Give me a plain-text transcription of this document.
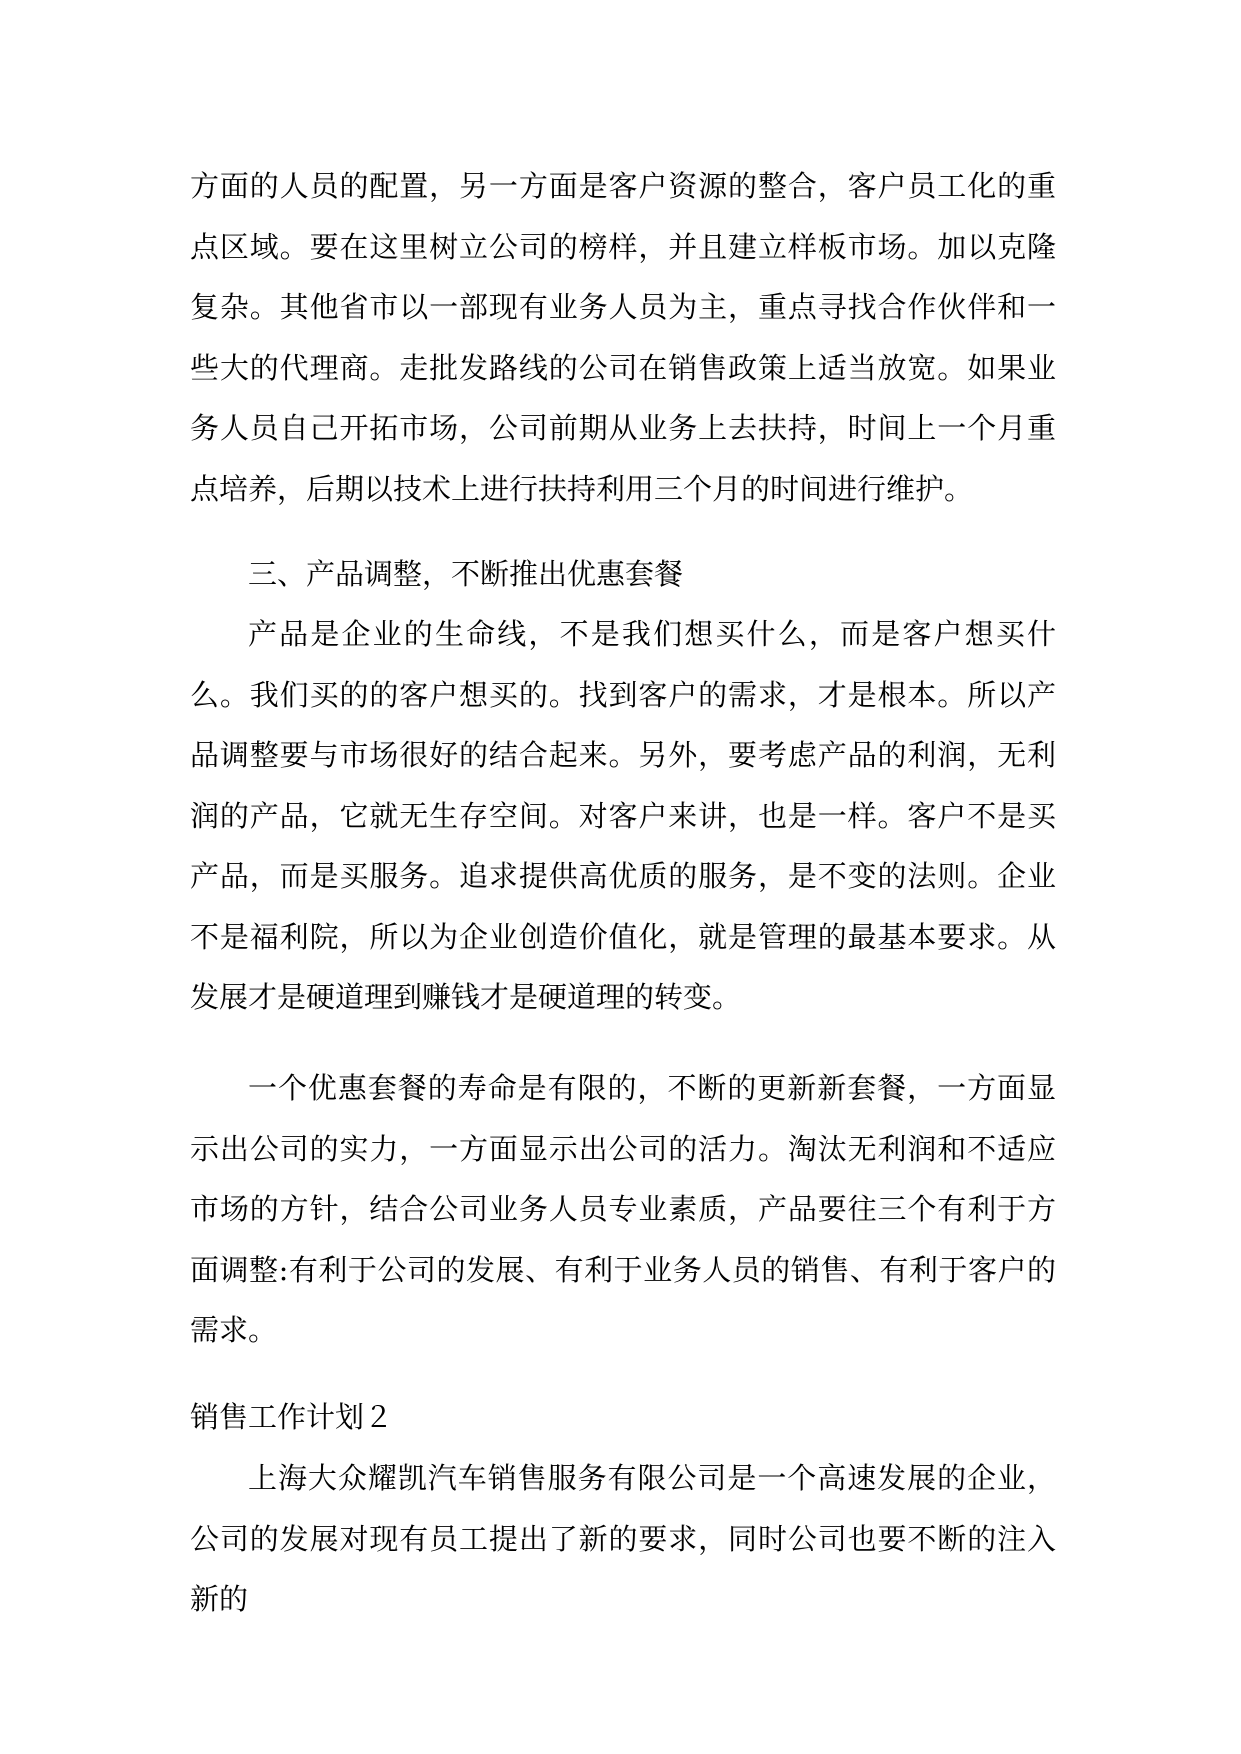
方面的人员的配置，另一方面是客户资源的整合，客户员工化的重点区域。要在这里树立公司的榜样，并且建立样板市场。加以克隆复杂。其他省市以一部现有业务人员为主，重点寻找合作伙伴和一些大的代理商。走批发路线的公司在销售政策上适当放宽。如果业务人员自己开拓市场，公司前期从业务上去扶持，时间上一个月重点培养，后期以技术上进行扶持利用三个月的时间进行维护。

三、产品调整，不断推出优惠套餐

产品是企业的生命线，不是我们想买什么，而是客户想买什么。我们买的的客户想买的。找到客户的需求，才是根本。所以产品调整要与市场很好的结合起来。另外，要考虑产品的利润，无利润的产品，它就无生存空间。对客户来讲，也是一样。客户不是买产品，而是买服务。追求提供高优质的服务，是不变的法则。企业不是福利院，所以为企业创造价值化，就是管理的最基本要求。从发展才是硬道理到赚钱才是硬道理的转变。

一个优惠套餐的寿命是有限的，不断的更新新套餐，一方面显示出公司的实力，一方面显示出公司的活力。淘汰无利润和不适应市场的方针，结合公司业务人员专业素质，产品要往三个有利于方面调整:有利于公司的发展、有利于业务人员的销售、有利于客户的需求。

销售工作计划２

上海大众耀凯汽车销售服务有限公司是一个高速发展的企业，公司的发展对现有员工提出了新的要求，同时公司也要不断的注入新的
